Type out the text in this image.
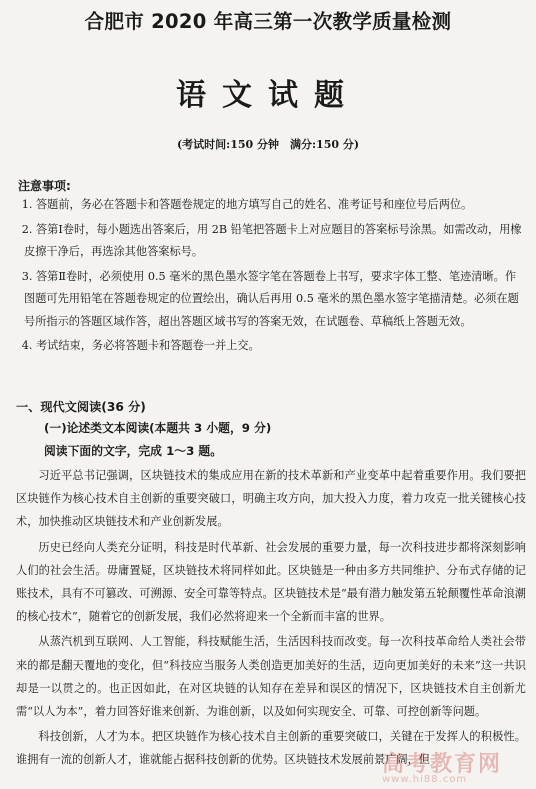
合肥市 2020 年高三第一次教学质量检测
语文试题
(考试时间:150 分钟　满分:150 分)
注意事项:
1. 答题前，务必在答题卡和答题卷规定的地方填写自己的姓名、准考证号和座位号后两位。
2. 答第Ⅰ卷时，每小题选出答案后，用 2B 铅笔把答题卡上对应题目的答案标号涂黑。如需改动，用橡皮擦干净后，再选涂其他答案标号。
3. 答第Ⅱ卷时，必须使用 0.5 毫米的黑色墨水签字笔在答题卷上书写，要求字体工整、笔迹清晰。作图题可先用铅笔在答题卷规定的位置绘出，确认后再用 0.5 毫米的黑色墨水签字笔描清楚。必须在题号所指示的答题区域作答，超出答题区域书写的答案无效，在试题卷、草稿纸上答题无效。
4. 考试结束，务必将答题卡和答题卷一并上交。
一、现代文阅读(36 分)
(一)论述类文本阅读(本题共 3 小题，9 分)
阅读下面的文字，完成 1～3 题。

习近平总书记强调，区块链技术的集成应用在新的技术革新和产业变革中起着重要作用。我们要把区块链作为核心技术自主创新的重要突破口，明确主攻方向，加大投入力度，着力攻克一批关键核心技术，加快推动区块链技术和产业创新发展。

历史已经向人类充分证明，科技是时代革新、社会发展的重要力量，每一次科技进步都将深刻影响人们的社会生活。毋庸置疑，区块链技术将同样如此。区块链是一种由多方共同维护、分布式存储的记账技术，具有不可篡改、可溯源、安全可靠等特点。区块链技术是“最有潜力触发第五轮颠覆性革命浪潮的核心技术”，随着它的创新发展，我们必然将迎来一个全新而丰富的世界。

从蒸汽机到互联网、人工智能，科技赋能生活，生活因科技而改变。每一次科技革命给人类社会带来的都是翻天覆地的变化，但“科技应当服务人类创造更加美好的生活，迈向更加美好的未来”这一共识却是一以贯之的。也正因如此，在对区块链的认知存在差异和误区的情况下，区块链技术自主创新尤需“以人为本”，着力回答好谁来创新、为谁创新，以及如何实现安全、可靠、可控创新等问题。

科技创新，人才为本。把区块链作为核心技术自主创新的重要突破口，关键在于发挥人的积极性。谁拥有一流的创新人才，谁就能占据科技创新的优势。区块链技术发展前景广阔，但

高考教育网
www.hi88.com
